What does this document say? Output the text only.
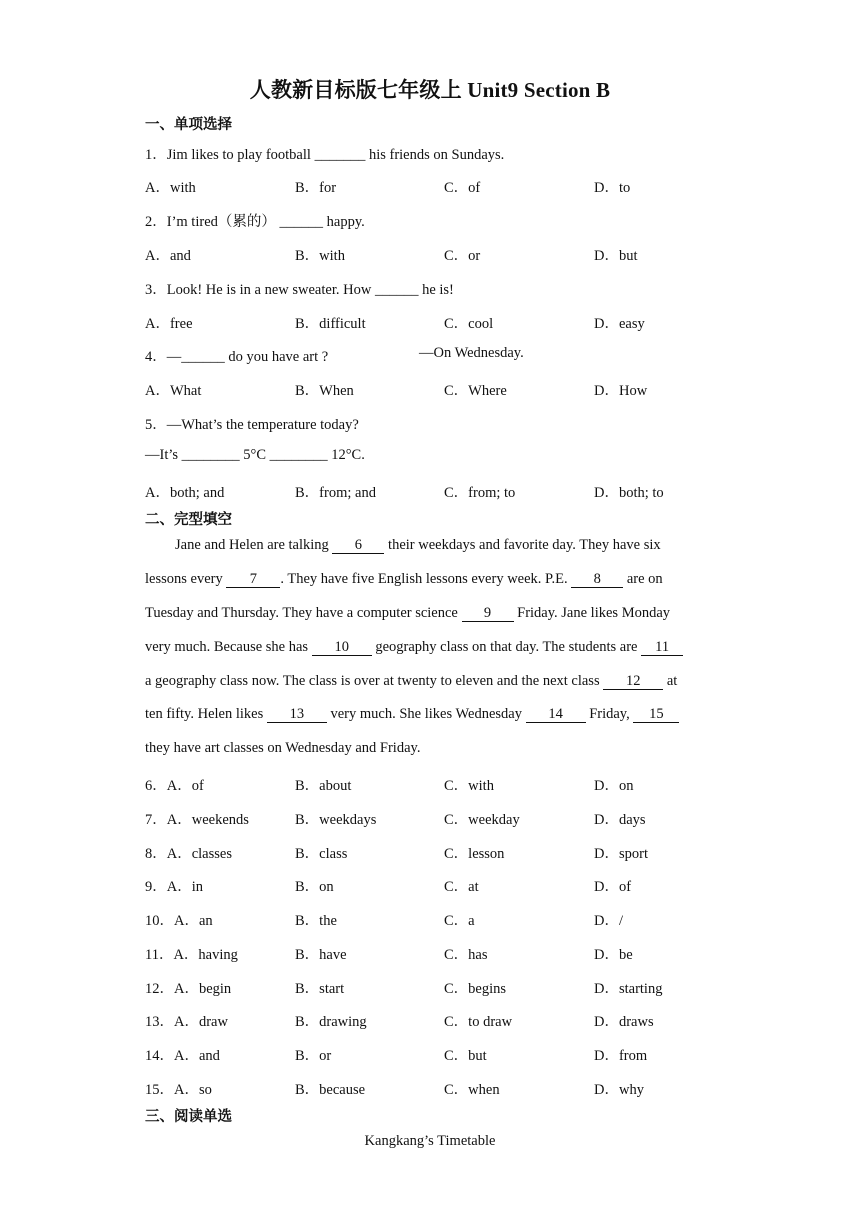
人教新目标版七年级上 Unit9 Section B
一、单项选择
1．Jim likes to play football _______ his friends on Sundays.
A．with	B．for	C．of	D．to
2．I’m tired（累的） ______ happy.
A．and	B．with	C．or	D．but
3．Look! He is in a new sweater. How ______ he is!
A．free	B．difficult	C．cool	D．easy
4．—______ do you have art ?	—On Wednesday.
A．What	B．When	C．Where	D．How
5．—What’s the temperature today?
—It’s ________ 5°C ________ 12°C.
A．both; and	B．from; and	C．from; to	D．both; to
二、完型填空
Jane and Helen are talking 6 their weekdays and favorite day. They have six
lessons every 7 . They have five English lessons every week. P.E. 8 are on
Tuesday and Thursday. They have a computer science 9 Friday. Jane likes Monday
very much. Because she has 10 geography class on that day. The students are 11
a geography class now. The class is over at twenty to eleven and the next class 12 at
ten fifty. Helen likes 13 very much. She likes Wednesday 14 Friday, 15
they have art classes on Wednesday and Friday.
6．A．of	B．about	C．with	D．on
7．A．weekends	B．weekdays	C．weekday	D．days
8．A．classes	B．class	C．lesson	D．sport
9．A．in	B．on	C．at	D．of
10．A．an	B．the	C．a	D．/
11．A．having	B．have	C．has	D．be
12．A．begin	B．start	C．begins	D．starting
13．A．draw	B．drawing	C．to draw	D．draws
14．A．and	B．or	C．but	D．from
15．A．so	B．because	C．when	D．why
三、阅读单选
Kangkang’s Timetable
